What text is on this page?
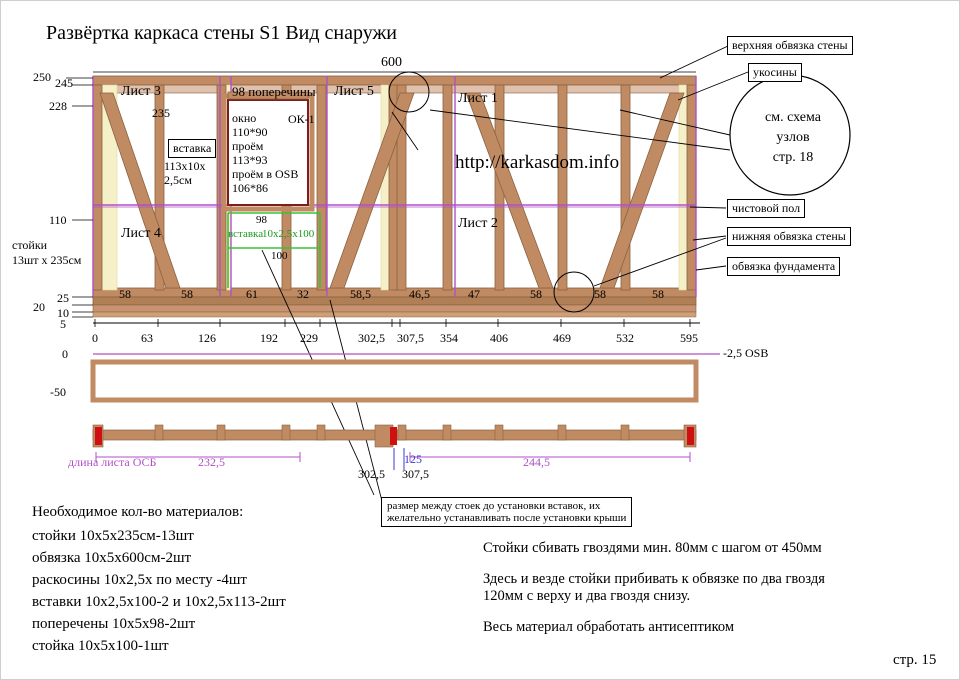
Развёртка каркаса стены S1 Вид снаружи
верхняя обвязка стены
укосины
чистовой пол
нижняя обвязка стены
обвязка фундамента
см. схема
узлов
стр. 18
600
http://karkasdom.info
Лист 3	Лист 5	Лист 1
Лист 2
Лист 4
98 поперечины
235
вставка
113х10х
2,5см
ОК-1
окно
110*90
проём
113*93
проём в OSB
106*86
вставка
10х2,5х100
98
100
250 245
228
110
25
20 10
5
0
-50
стойки
13шт х 235см
58	58	61	32	58,5	46,5	47	58	58	58
0	63	126	192 229	302,5 307,5 354	406	469	532	595
-2,5 OSB
длина листа ОСБ	232,5
302,5
125
307,5
244,5
размер между стоек до установки вставок, их
желательно устанавливать после установки крыши
Необходимое кол-во материалов:
стойки 10х5х235см-13шт
обвязка 10х5х600см-2шт
раскосины 10х2,5х по месту -4шт
вставки 10х2,5х100-2 и 10х2,5х113-2шт
поперечены 10х5х98-2шт
стойка 10х5х100-1шт
Стойки сбивать гвоздями мин. 80мм с шагом от 450мм
Здесь и везде стойки прибивать к обвязке по два гвоздя
120мм с верху и два гвоздя снизу.
Весь материал обработать антисептиком
стр. 15
